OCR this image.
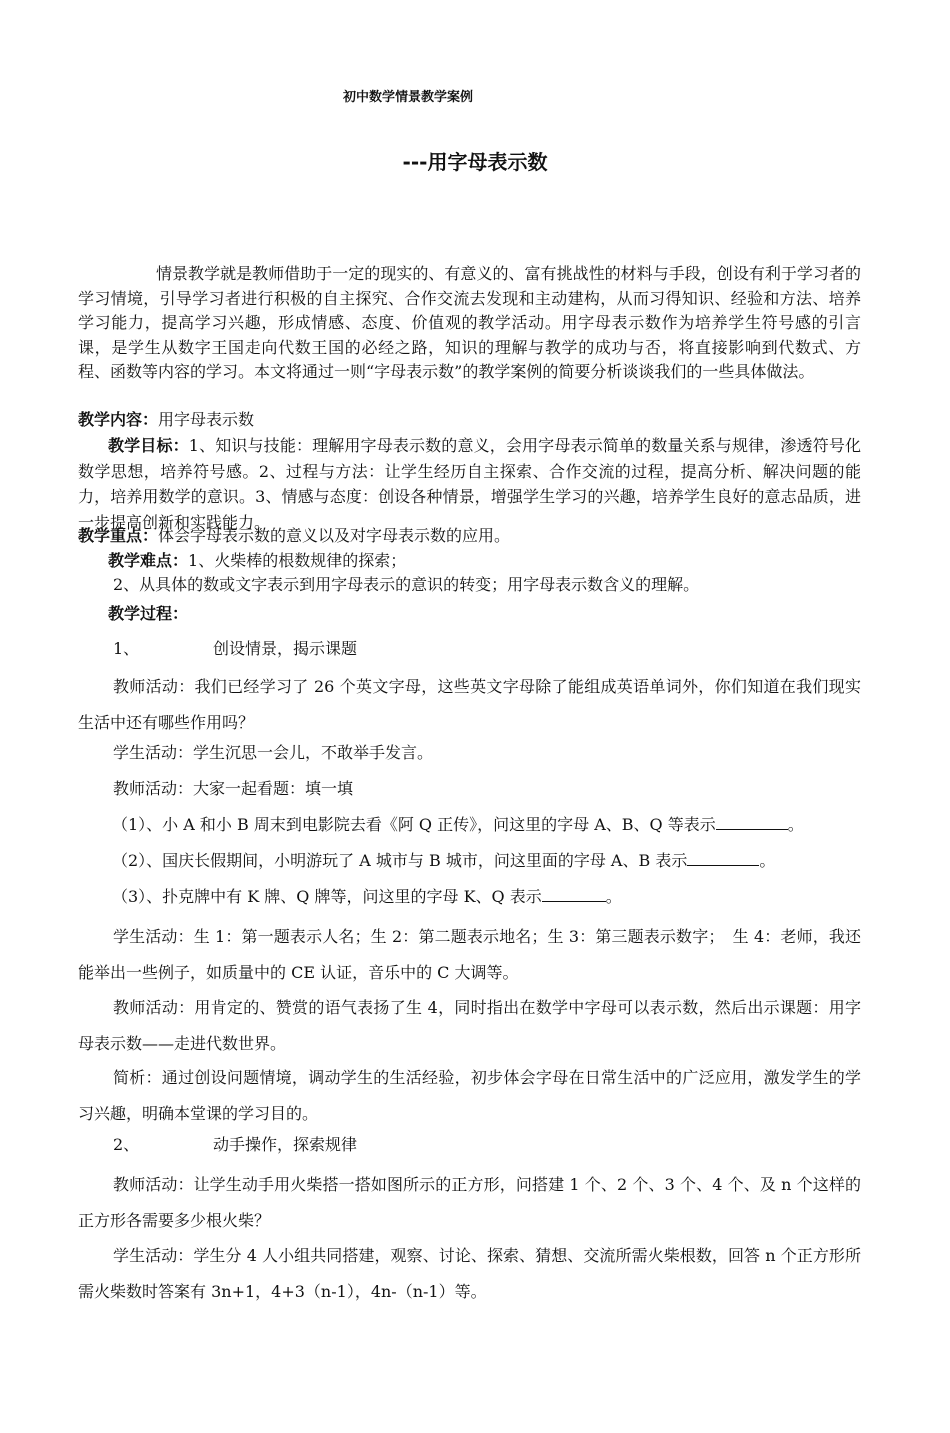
初中数学情景教学案例
---用字母表示数
情景教学就是教师借助于一定的现实的、有意义的、富有挑战性的材料与手段，创设有利于学习者的学习情境，引导学习者进行积极的自主探究、合作交流去发现和主动建构，从而习得知识、经验和方法、培养学习能力，提高学习兴趣，形成情感、态度、价值观的教学活动。用字母表示数作为培养学生符号感的引言课，是学生从数字王国走向代数王国的必经之路，知识的理解与教学的成功与否，将直接影响到代数式、方程、函数等内容的学习。本文将通过一则“字母表示数”的教学案例的简要分析谈谈我们的一些具体做法。
教学内容：用字母表示数
教学目标：1、知识与技能：理解用字母表示数的意义，会用字母表示简单的数量关系与规律，渗透符号化数学思想，培养符号感。2、过程与方法：让学生经历自主探索、合作交流的过程，提高分析、解决问题的能力，培养用数学的意识。3、情感与态度：创设各种情景，增强学生学习的兴趣，培养学生良好的意志品质，进一步提高创新和实践能力。
教学重点：体会字母表示数的意义以及对字母表示数的应用。
教学难点：1、火柴棒的根数规律的探索；
2、从具体的数或文字表示到用字母表示的意识的转变；用字母表示数含义的理解。
教学过程：
1、	创设情景，揭示课题
教师活动：我们已经学习了 26 个英文字母，这些英文字母除了能组成英语单词外，你们知道在我们现实生活中还有哪些作用吗？
学生活动：学生沉思一会儿，不敢举手发言。
教师活动：大家一起看题：填一填
（1）、小 A 和小 B 周末到电影院去看《阿 Q 正传》，问这里的字母 A、B、Q 等表示	。
（2）、国庆长假期间，小明游玩了 A 城市与 B 城市，问这里面的字母 A、B 表示	。
（3）、扑克牌中有 K 牌、Q 牌等，问这里的字母 K、Q 表示	。
学生活动：生 1：第一题表示人名；生 2：第二题表示地名；生 3：第三题表示数字；　生 4：老师，我还能举出一些例子，如质量中的 CE 认证，音乐中的 C 大调等。
教师活动：用肯定的、赞赏的语气表扬了生 4，同时指出在数学中字母可以表示数，然后出示课题：用字母表示数——走进代数世界。
简析：通过创设问题情境，调动学生的生活经验，初步体会字母在日常生活中的广泛应用，激发学生的学习兴趣，明确本堂课的学习目的。
2、	动手操作，探索规律
教师活动：让学生动手用火柴搭一搭如图所示的正方形，问搭建 1 个、2 个、3 个、4 个、及 n 个这样的正方形各需要多少根火柴？
学生活动：学生分 4 人小组共同搭建，观察、讨论、探索、猜想、交流所需火柴根数，回答 n 个正方形所需火柴数时答案有 3n+1，4+3（n-1），4n-（n-1）等。
